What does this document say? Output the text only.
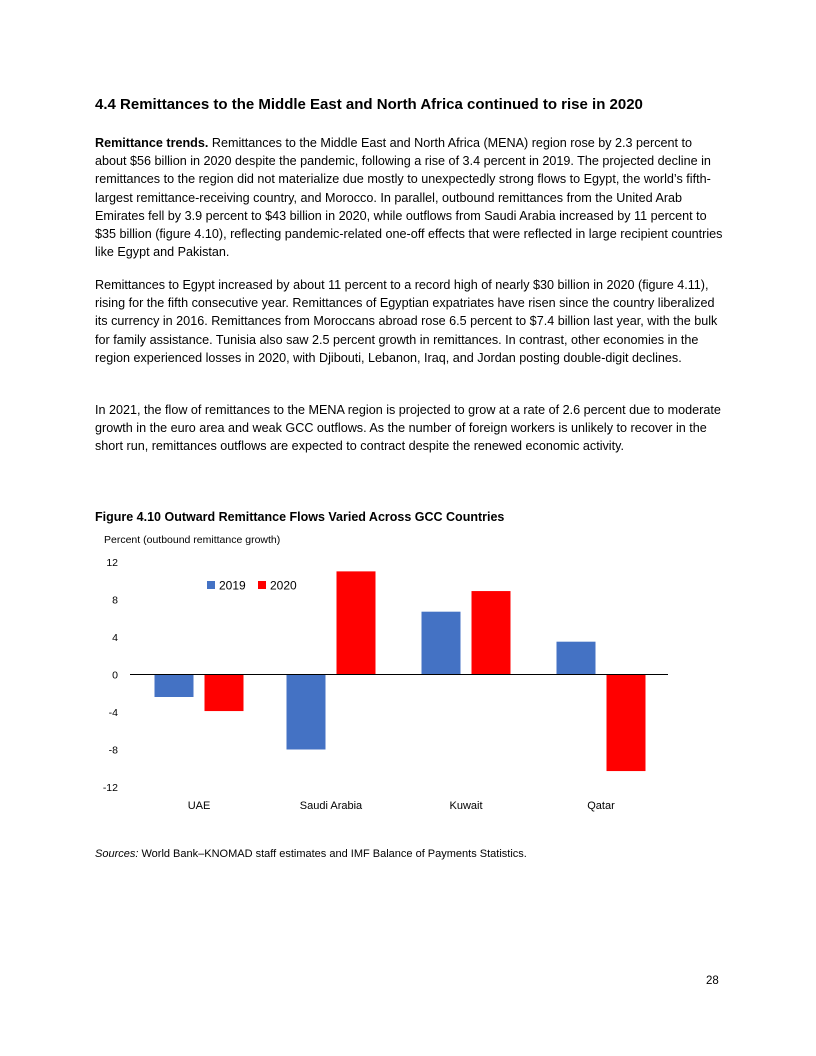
4.4 Remittances to the Middle East and North Africa continued to rise in 2020

Remittance trends. Remittances to the Middle East and North Africa (MENA) region rose by 2.3 percent to about $56 billion in 2020 despite the pandemic, following a rise of 3.4 percent in 2019. The projected decline in remittances to the region did not materialize due mostly to unexpectedly strong flows to Egypt, the world’s fifth-largest remittance-receiving country, and Morocco. In parallel, outbound remittances from the United Arab Emirates fell by 3.9 percent to $43 billion in 2020, while outflows from Saudi Arabia increased by 11 percent to $35 billion (figure 4.10), reflecting pandemic-related one-off effects that were reflected in large recipient countries like Egypt and Pakistan.

Remittances to Egypt increased by about 11 percent to a record high of nearly $30 billion in 2020 (figure 4.11), rising for the fifth consecutive year. Remittances of Egyptian expatriates have risen since the country liberalized its currency in 2016. Remittances from Moroccans abroad rose 6.5 percent to $7.4 billion last year, with the bulk for family assistance. Tunisia also saw 2.5 percent growth in remittances. In contrast, other economies in the region experienced losses in 2020, with Djibouti, Lebanon, Iraq, and Jordan posting double-digit declines.

In 2021, the flow of remittances to the MENA region is projected to grow at a rate of 2.6 percent due to moderate growth in the euro area and weak GCC outflows. As the number of foreign workers is unlikely to recover in the short run, remittances outflows are expected to contract despite the renewed economic activity.

Figure 4.10 Outward Remittance Flows Varied Across GCC Countries

Percent (outbound remittance growth)
12
8
4
0
-4
-8
-12
UAE	Saudi Arabia	Kuwait	Qatar
2019 2020

Sources: World Bank–KNOMAD staff estimates and IMF Balance of Payments Statistics.

28
